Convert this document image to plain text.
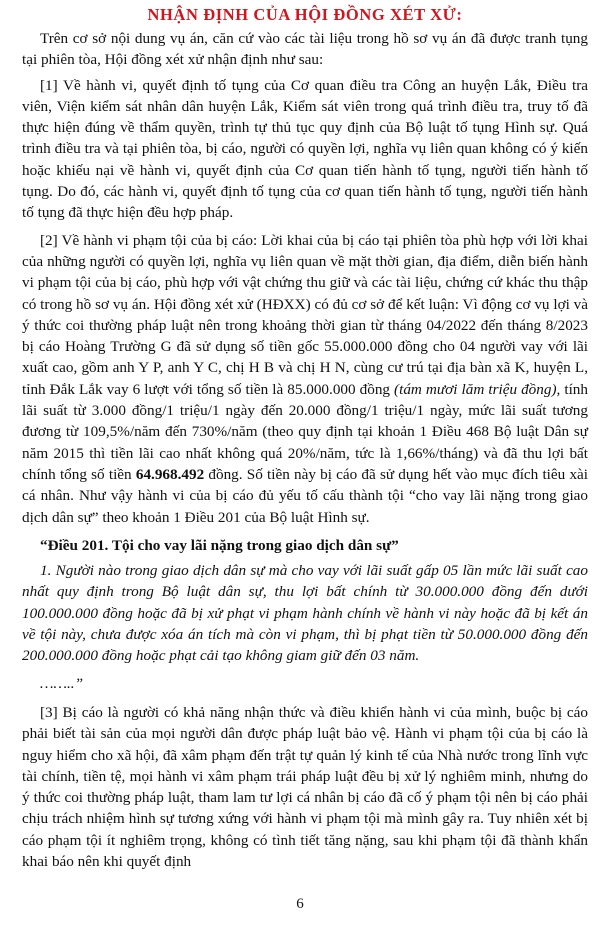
NHẬN ĐỊNH CỦA HỘI ĐỒNG XÉT XỬ:

Trên cơ sở nội dung vụ án, căn cứ vào các tài liệu trong hồ sơ vụ án đã được tranh tụng tại phiên tòa, Hội đồng xét xử nhận định như sau:

[1] Về hành vi, quyết định tố tụng của Cơ quan điều tra Công an huyện Lắk, Điều tra viên, Viện kiểm sát nhân dân huyện Lắk, Kiểm sát viên trong quá trình điều tra, truy tố đã thực hiện đúng về thẩm quyền, trình tự thủ tục quy định của Bộ luật tố tụng Hình sự. Quá trình điều tra và tại phiên tòa, bị cáo, người có quyền lợi, nghĩa vụ liên quan không có ý kiến hoặc khiếu nại về hành vi, quyết định của Cơ quan tiến hành tố tụng, người tiến hành tố tụng. Do đó, các hành vi, quyết định tố tụng của cơ quan tiến hành tố tụng, người tiến hành tố tụng đã thực hiện đều hợp pháp.

[2] Về hành vi phạm tội của bị cáo: Lời khai của bị cáo tại phiên tòa phù hợp với lời khai của những người có quyền lợi, nghĩa vụ liên quan về mặt thời gian, địa điểm, diễn biến hành vi phạm tội của bị cáo, phù hợp với vật chứng thu giữ và các tài liệu, chứng cứ khác thu thập có trong hồ sơ vụ án. Hội đồng xét xử (HĐXX) có đủ cơ sở để kết luận: Vì động cơ vụ lợi và ý thức coi thường pháp luật nên trong khoảng thời gian từ tháng 04/2022 đến tháng 8/2023 bị cáo Hoàng Trường G đã sử dụng số tiền gốc 55.000.000 đồng cho 04 người vay với lãi xuất cao, gồm anh Y P, anh Y C, chị H B và chị H N, cùng cư trú tại địa bàn xã K, huyện L, tỉnh Đắk Lắk vay 6 lượt với tổng số tiền là 85.000.000 đồng (tám mươi lăm triệu đồng), tính lãi suất từ 3.000 đồng/1 triệu/1 ngày đến 20.000 đồng/1 triệu/1 ngày, mức lãi suất tương đương từ 109,5%/năm đến 730%/năm (theo quy định tại khoản 1 Điều 468 Bộ luật Dân sự năm 2015 thì tiền lãi cao nhất không quá 20%/năm, tức là 1,66%/tháng) và đã thu lợi bất chính tổng số tiền 64.968.492 đồng. Số tiền này bị cáo đã sử dụng hết vào mục đích tiêu xài cá nhân. Như vậy hành vi của bị cáo đủ yếu tố cấu thành tội “cho vay lãi nặng trong giao dịch dân sự” theo khoản 1 Điều 201 của Bộ luật Hình sự.

“Điều 201. Tội cho vay lãi nặng trong giao dịch dân sự”

1. Người nào trong giao dịch dân sự mà cho vay với lãi suất gấp 05 lần mức lãi suất cao nhất quy định trong Bộ luật dân sự, thu lợi bất chính từ 30.000.000 đồng đến dưới 100.000.000 đồng hoặc đã bị xử phạt vi phạm hành chính về hành vi này hoặc đã bị kết án về tội này, chưa được xóa án tích mà còn vi phạm, thì bị phạt tiền từ 50.000.000 đồng đến 200.000.000 đồng hoặc phạt cải tạo không giam giữ đến 03 năm.

……..”

[3] Bị cáo là người có khả năng nhận thức và điều khiển hành vi của mình, buộc bị cáo phải biết tài sản của mọi người dân được pháp luật bảo vệ. Hành vi phạm tội của bị cáo là nguy hiểm cho xã hội, đã xâm phạm đến trật tự quản lý kinh tế của Nhà nước trong lĩnh vực tài chính, tiền tệ, mọi hành vi xâm phạm trái pháp luật đều bị xử lý nghiêm minh, nhưng do ý thức coi thường pháp luật, tham lam tư lợi cá nhân bị cáo đã cố ý phạm tội nên bị cáo phải chịu trách nhiệm hình sự tương xứng với hành vi phạm tội mà mình gây ra. Tuy nhiên xét bị cáo phạm tội ít nghiêm trọng, không có tình tiết tăng nặng, sau khi phạm tội đã thành khẩn khai báo nên khi quyết định

6
